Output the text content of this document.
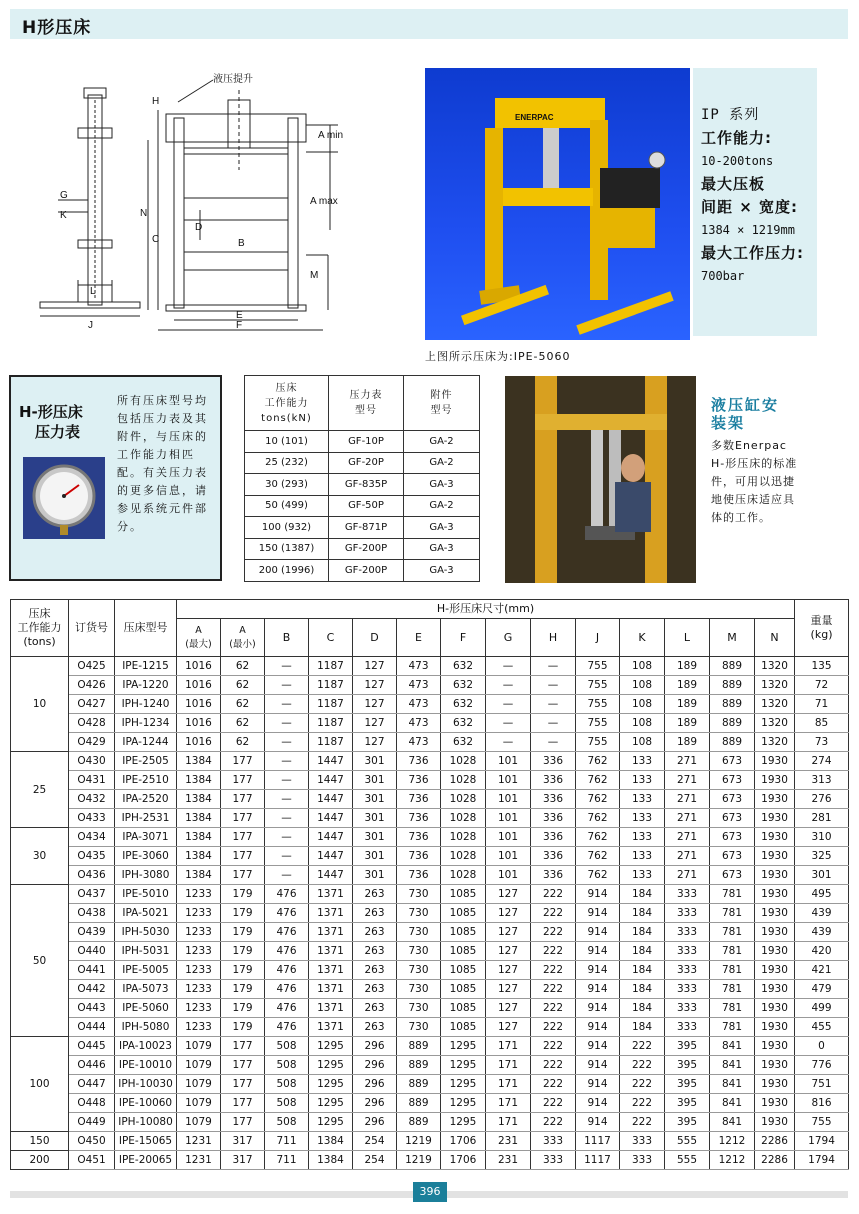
H形压床
液压提升
H
A min
A max
N
C
G
K
D
B
L
J
E
F
M
ENERPAC	IP 系列
工作能力:
10-200tons
最大压板
间距 × 宽度:
1384 × 1219mm
最大工作压力:
700bar
上图所示压床为:IPE-5060
H-形压床
压力表
所有压床型号均包括压力表及其附件，与压床的工作能力相匹配。有关压力表的更多信息，请参见系统元件部分。
压床
工作能力
tons(kN)	压力表
型号	附件
型号
10 (101)	GF-10P	GA-2
25 (232)	GF-20P	GA-2
30 (293)	GF-835P	GA-3
50 (499)	GF-50P	GA-2
100 (932)	GF-871P	GA-3
150 (1387)	GF-200P	GA-3
200 (1996)	GF-200P	GA-3
液压缸安
装架
多数Enerpac H-形压床的标准件，可用以迅捷地使压床适应具体的工作。
压床
工作能力
(tons)	订货号	压床型号	H-形压床尺寸(mm)														重量
(kg)
			A
(最大)	A
(最小)	B	C	D	E	F	G	H	J	K	L	M	N	
10	O425	IPE-1215	1016	62	—	1187	127	473	632	—	—	755	108	189	889	1320	135
	O426	IPA-1220	1016	62	—	1187	127	473	632	—	—	755	108	189	889	1320	72
	O427	IPH-1240	1016	62	—	1187	127	473	632	—	—	755	108	189	889	1320	71
	O428	IPH-1234	1016	62	—	1187	127	473	632	—	—	755	108	189	889	1320	85
	O429	IPA-1244	1016	62	—	1187	127	473	632	—	—	755	108	189	889	1320	73
25	O430	IPE-2505	1384	177	—	1447	301	736	1028	101	336	762	133	271	673	1930	274
	O431	IPE-2510	1384	177	—	1447	301	736	1028	101	336	762	133	271	673	1930	313
	O432	IPA-2520	1384	177	—	1447	301	736	1028	101	336	762	133	271	673	1930	276
	O433	IPH-2531	1384	177	—	1447	301	736	1028	101	336	762	133	271	673	1930	281
30	O434	IPA-3071	1384	177	—	1447	301	736	1028	101	336	762	133	271	673	1930	310
	O435	IPE-3060	1384	177	—	1447	301	736	1028	101	336	762	133	271	673	1930	325
	O436	IPH-3080	1384	177	—	1447	301	736	1028	101	336	762	133	271	673	1930	301
50	O437	IPE-5010	1233	179	476	1371	263	730	1085	127	222	914	184	333	781	1930	495
	O438	IPA-5021	1233	179	476	1371	263	730	1085	127	222	914	184	333	781	1930	439
	O439	IPH-5030	1233	179	476	1371	263	730	1085	127	222	914	184	333	781	1930	439
	O440	IPH-5031	1233	179	476	1371	263	730	1085	127	222	914	184	333	781	1930	420
	O441	IPE-5005	1233	179	476	1371	263	730	1085	127	222	914	184	333	781	1930	421
	O442	IPA-5073	1233	179	476	1371	263	730	1085	127	222	914	184	333	781	1930	479
	O443	IPE-5060	1233	179	476	1371	263	730	1085	127	222	914	184	333	781	1930	499
	O444	IPH-5080	1233	179	476	1371	263	730	1085	127	222	914	184	333	781	1930	455
100	O445	IPA-10023	1079	177	508	1295	296	889	1295	171	222	914	222	395	841	1930	0
	O446	IPE-10010	1079	177	508	1295	296	889	1295	171	222	914	222	395	841	1930	776
	O447	IPH-10030	1079	177	508	1295	296	889	1295	171	222	914	222	395	841	1930	751
	O448	IPE-10060	1079	177	508	1295	296	889	1295	171	222	914	222	395	841	1930	816
	O449	IPH-10080	1079	177	508	1295	296	889	1295	171	222	914	222	395	841	1930	755
150	O450	IPE-15065	1231	317	711	1384	254	1219	1706	231	333	1117	333	555	1212	2286	1794
200	O451	IPE-20065	1231	317	711	1384	254	1219	1706	231	333	1117	333	555	1212	2286	1794
396
